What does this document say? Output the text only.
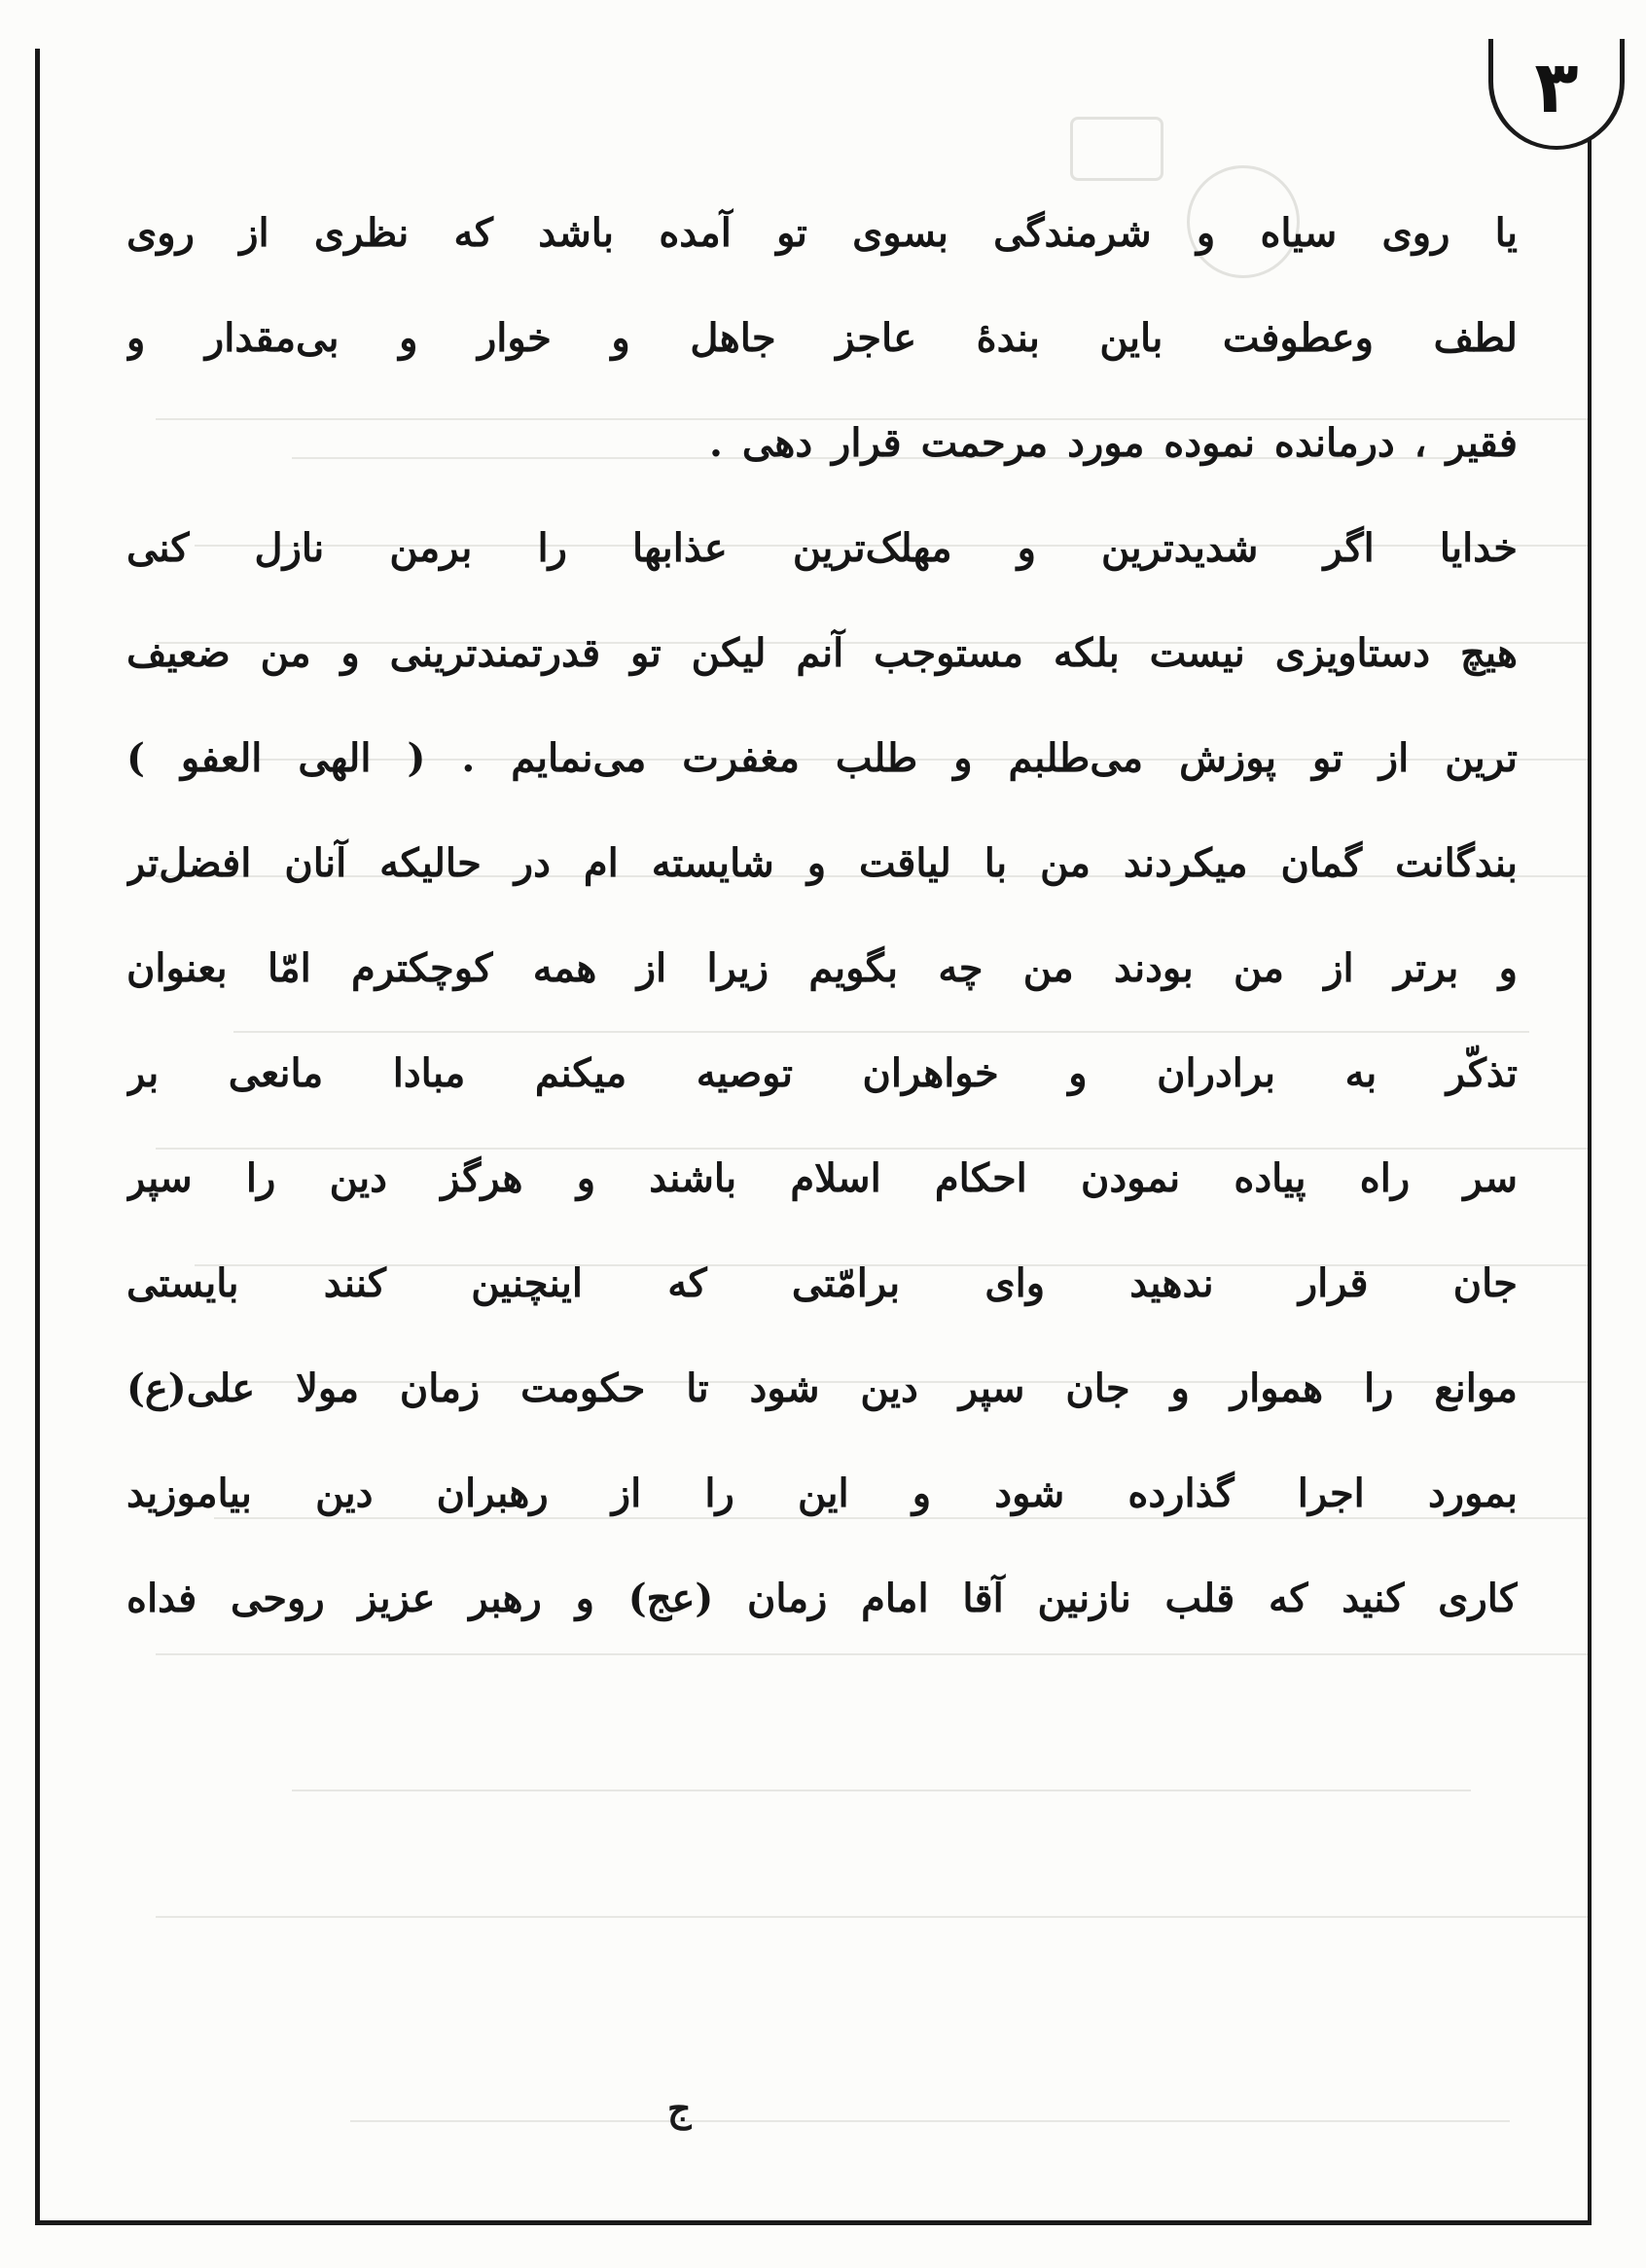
۳
یا روی سیاه و شرمندگی بسوی تو آمده باشد که نظری از روی
لطف وعطوفت باین بندهٔ عاجز جاهل و خوار و بی‌مقدار و
فقیر ، درمانده نموده مورد مرحمت قرار دهی .
خدایا اگر شدیدترین و مهلک‌ترین عذابها را برمن نازل کنی
هیچ دستاویزی نیست بلکه مستوجب آنم لیکن تو قدرتمندترینی و من ضعیف
ترین از تو پوزش می‌طلبم و طلب مغفرت می‌نمایم . ( الهی العفو )
بندگانت گمان میکردند من با لیاقت و شایسته ام در حالیکه آنان افضل‌تر
و برتر از من بودند من چه بگویم زیرا از همه کوچکترم امّا بعنوان
تذکّر به برادران و خواهران توصیه میکنم مبادا مانعی بر
سر راه پیاده نمودن احکام اسلام باشند و هرگز دین را سپر
جان قرار ندهید وای برامّتی که اینچنین کنند بایستی
موانع را هموار و جان سپر دین شود تا حکومت زمان مولا علی(ع)
بمورد اجرا گذارده شود و این را از رهبران دین بیاموزید
کاری کنید که قلب نازنین آقا امام زمان (عج) و رهبر عزیز روحی فداه
ج
